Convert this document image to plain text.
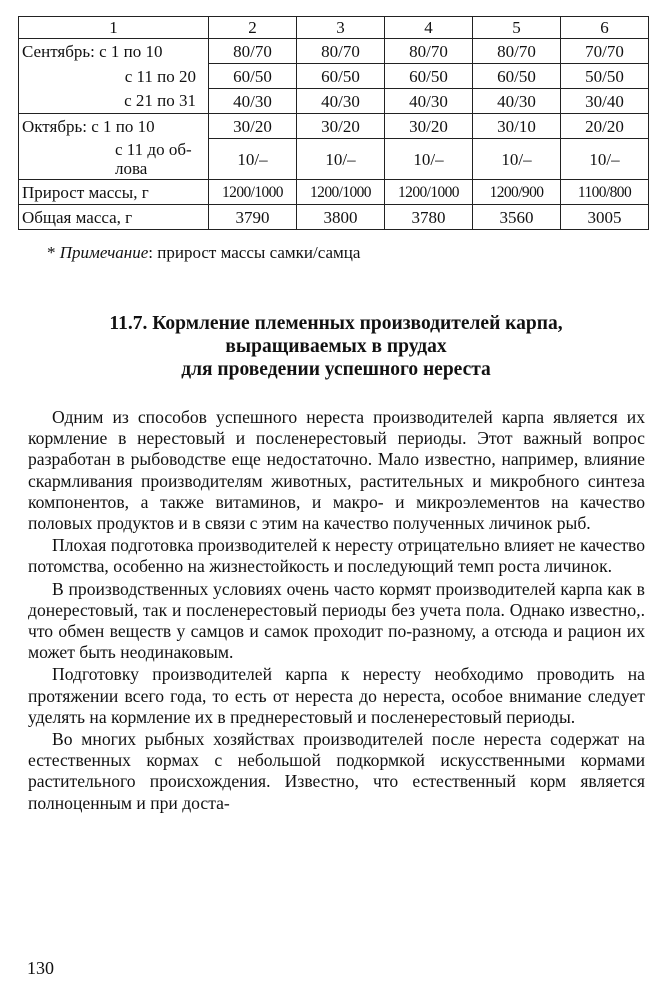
1	2	3	4	5	6
Сентябрь: с 1 по 10	80/70	80/70	80/70	80/70	70/70
с 11 по 20	60/50	60/50	60/50	60/50	50/50
с 21 по 31	40/30	40/30	40/30	40/30	30/40
Октябрь: с 1 по 10	30/20	30/20	30/20	30/10	20/20
с 11 до об-лова	10/–	10/–	10/–	10/–	10/–
Прирост массы, г	1200/1000	1200/1000	1200/1000	1200/900	1100/800
Общая масса, г	3790	3800	3780	3560	3005
* Примечание: прирост массы самки/самца
11.7. Кормление племенных производителей карпа,
выращиваемых в прудах
для проведении успешного нереста

Одним из способов успешного нереста производителей карпа является их кормление в нерестовый и посленерестовый периоды. Этот важный вопрос разработан в рыбоводстве еще недостаточно. Мало известно, например, влияние скармливания производителям животных, растительных и микробного синтеза компонентов, а также витаминов, и макро- и микроэлементов на качество половых продуктов и в связи с этим на качество полученных личинок рыб.

Плохая подготовка производителей к нересту отрицательно влияет не качество потомства, особенно на жизнестойкость и последующий темп роста личинок.

В производственных условиях очень часто кормят производителей карпа как в донерестовый, так и посленерестовый периоды без учета пола. Однако известно,. что обмен веществ у самцов и самок проходит по-разному, а отсюда и рацион их может быть неодинаковым.

Подготовку производителей карпа к нересту необходимо проводить на протяжении всего года, то есть от нереста до нереста, особое внимание следует уделять на кормление их в преднерестовый и посленерестовый периоды.

Во многих рыбных хозяйствах производителей после нереста содержат на естественных кормах с небольшой подкормкой искусственными кормами растительного происхождения. Известно, что естественный корм является полноценным и при доста-

130
